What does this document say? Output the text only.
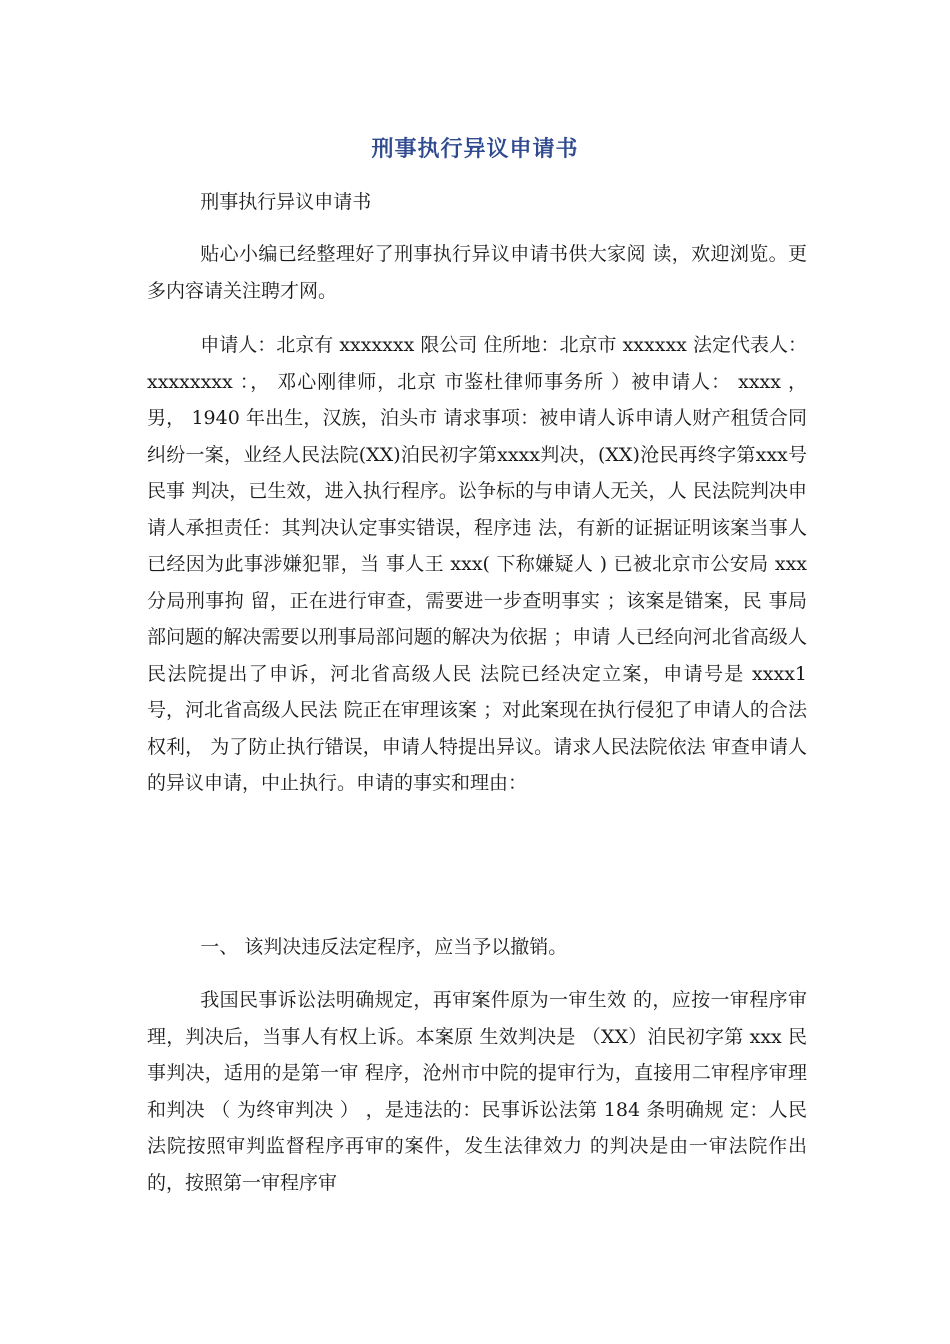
刑事执行异议申请书

刑事执行异议申请书

贴心小编已经整理好了刑事执行异议申请书供大家阅 读，欢迎浏览。更多内容请关注聘才网。

申请人：北京有 xxxxxxx 限公司 住所地：北京市 xxxxxx 法定代表人： xxxxxxxx ：， 邓心刚律师，北京 市鉴杜律师事务所 ）被申请人： xxxx ，男， 1940 年出生，汉族，泊头市 请求事项：被申请人诉申请人财产租赁合同纠纷一案，业经人民法院(XX)泊民初字第xxxx判决，(XX)沧民再终字第xxx号民事 判决，已生效，进入执行程序。讼争标的与申请人无关，人 民法院判决申请人承担责任：其判决认定事实错误，程序违 法，有新的证据证明该案当事人已经因为此事涉嫌犯罪，当 事人王 xxx( 下称嫌疑人 ) 已被北京市公安局 xxx 分局刑事拘 留，正在进行审查，需要进一步查明事实 ；该案是错案，民 事局部问题的解决需要以刑事局部问题的解决为依据 ；申请 人已经向河北省高级人民法院提出了申诉，河北省高级人民 法院已经决定立案，申请号是 xxxx1 号，河北省高级人民法 院正在审理该案 ；对此案现在执行侵犯了申请人的合法权利， 为了防止执行错误，申请人特提出异议。请求人民法院依法 审查申请人的异议申请，中止执行。申请的事实和理由：

一、 该判决违反法定程序，应当予以撤销。

我国民事诉讼法明确规定，再审案件原为一审生效 的，应按一审程序审理，判决后，当事人有权上诉。本案原 生效判决是 （XX）泊民初字第 xxx 民事判决，适用的是第一审 程序，沧州市中院的提审行为，直接用二审程序审理和判决 （ 为终审判决 ） ，是违法的：民事诉讼法第 184 条明确规 定：人民法院按照审判监督程序再审的案件，发生法律效力 的判决是由一审法院作出的，按照第一审程序审
